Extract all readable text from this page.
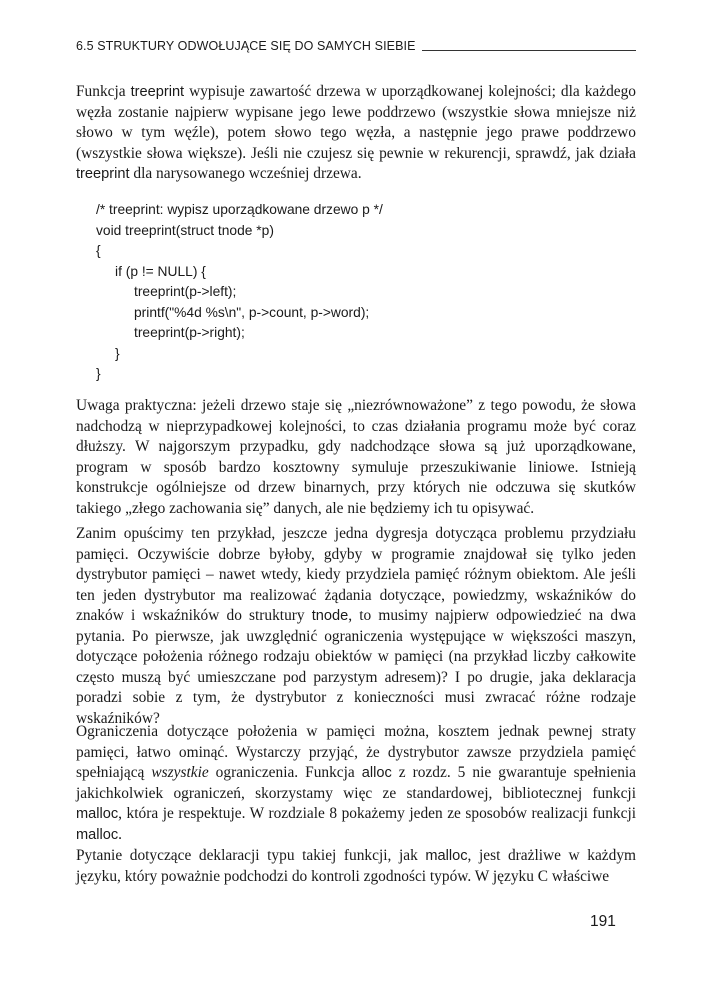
6.5 STRUKTURY ODWOŁUJĄCE SIĘ DO SAMYCH SIEBIE

Funkcja treeprint wypisuje zawartość drzewa w uporządkowanej kolejności; dla każdego węzła zostanie najpierw wypisane jego lewe poddrzewo (wszystkie słowa mniejsze niż słowo w tym węźle), potem słowo tego węzła, a następnie jego prawe poddrzewo (wszystkie słowa większe). Jeśli nie czujesz się pewnie w rekurencji, sprawdź, jak działa treeprint dla narysowanego wcześniej drzewa.

/* treeprint: wypisz uporządkowane drzewo p */
void treeprint(struct tnode *p)
{
if (p != NULL) {
treeprint(p->left);
printf("%4d %s\n", p->count, p->word);
treeprint(p->right);
}
}

Uwaga praktyczna: jeżeli drzewo staje się „niezrównoważone” z tego powodu, że słowa nadchodzą w nieprzypadkowej kolejności, to czas działania programu może być coraz dłuższy. W najgorszym przypadku, gdy nadchodzące słowa są już uporządkowane, program w sposób bardzo kosztowny symuluje przeszukiwanie liniowe. Istnieją konstrukcje ogólniejsze od drzew binarnych, przy których nie odczuwa się skutków takiego „złego zachowania się” danych, ale nie będziemy ich tu opisywać.

Zanim opuścimy ten przykład, jeszcze jedna dygresja dotycząca problemu przydziału pamięci. Oczywiście dobrze byłoby, gdyby w programie znajdował się tylko jeden dystrybutor pamięci – nawet wtedy, kiedy przydziela pamięć różnym obiektom. Ale jeśli ten jeden dystrybutor ma realizować żądania dotyczące, powiedzmy, wskaźników do znaków i wskaźników do struktury tnode, to musimy najpierw odpowiedzieć na dwa pytania. Po pierwsze, jak uwzględnić ograniczenia występujące w większości maszyn, dotyczące położenia różnego rodzaju obiektów w pamięci (na przykład liczby całkowite często muszą być umieszczane pod parzystym adresem)? I po drugie, jaka deklaracja poradzi sobie z tym, że dystrybutor z konieczności musi zwracać różne rodzaje wskaźników?

Ograniczenia dotyczące położenia w pamięci można, kosztem jednak pewnej straty pamięci, łatwo ominąć. Wystarczy przyjąć, że dystrybutor zawsze przydziela pamięć spełniającą wszystkie ograniczenia. Funkcja alloc z rozdz. 5 nie gwarantuje spełnienia jakichkolwiek ograniczeń, skorzystamy więc ze standardowej, bibliotecznej funkcji malloc, która je respektuje. W rozdziale 8 pokażemy jeden ze sposobów realizacji funkcji malloc.

Pytanie dotyczące deklaracji typu takiej funkcji, jak malloc, jest drażliwe w każdym języku, który poważnie podchodzi do kontroli zgodności typów. W języku C właściwe

191
